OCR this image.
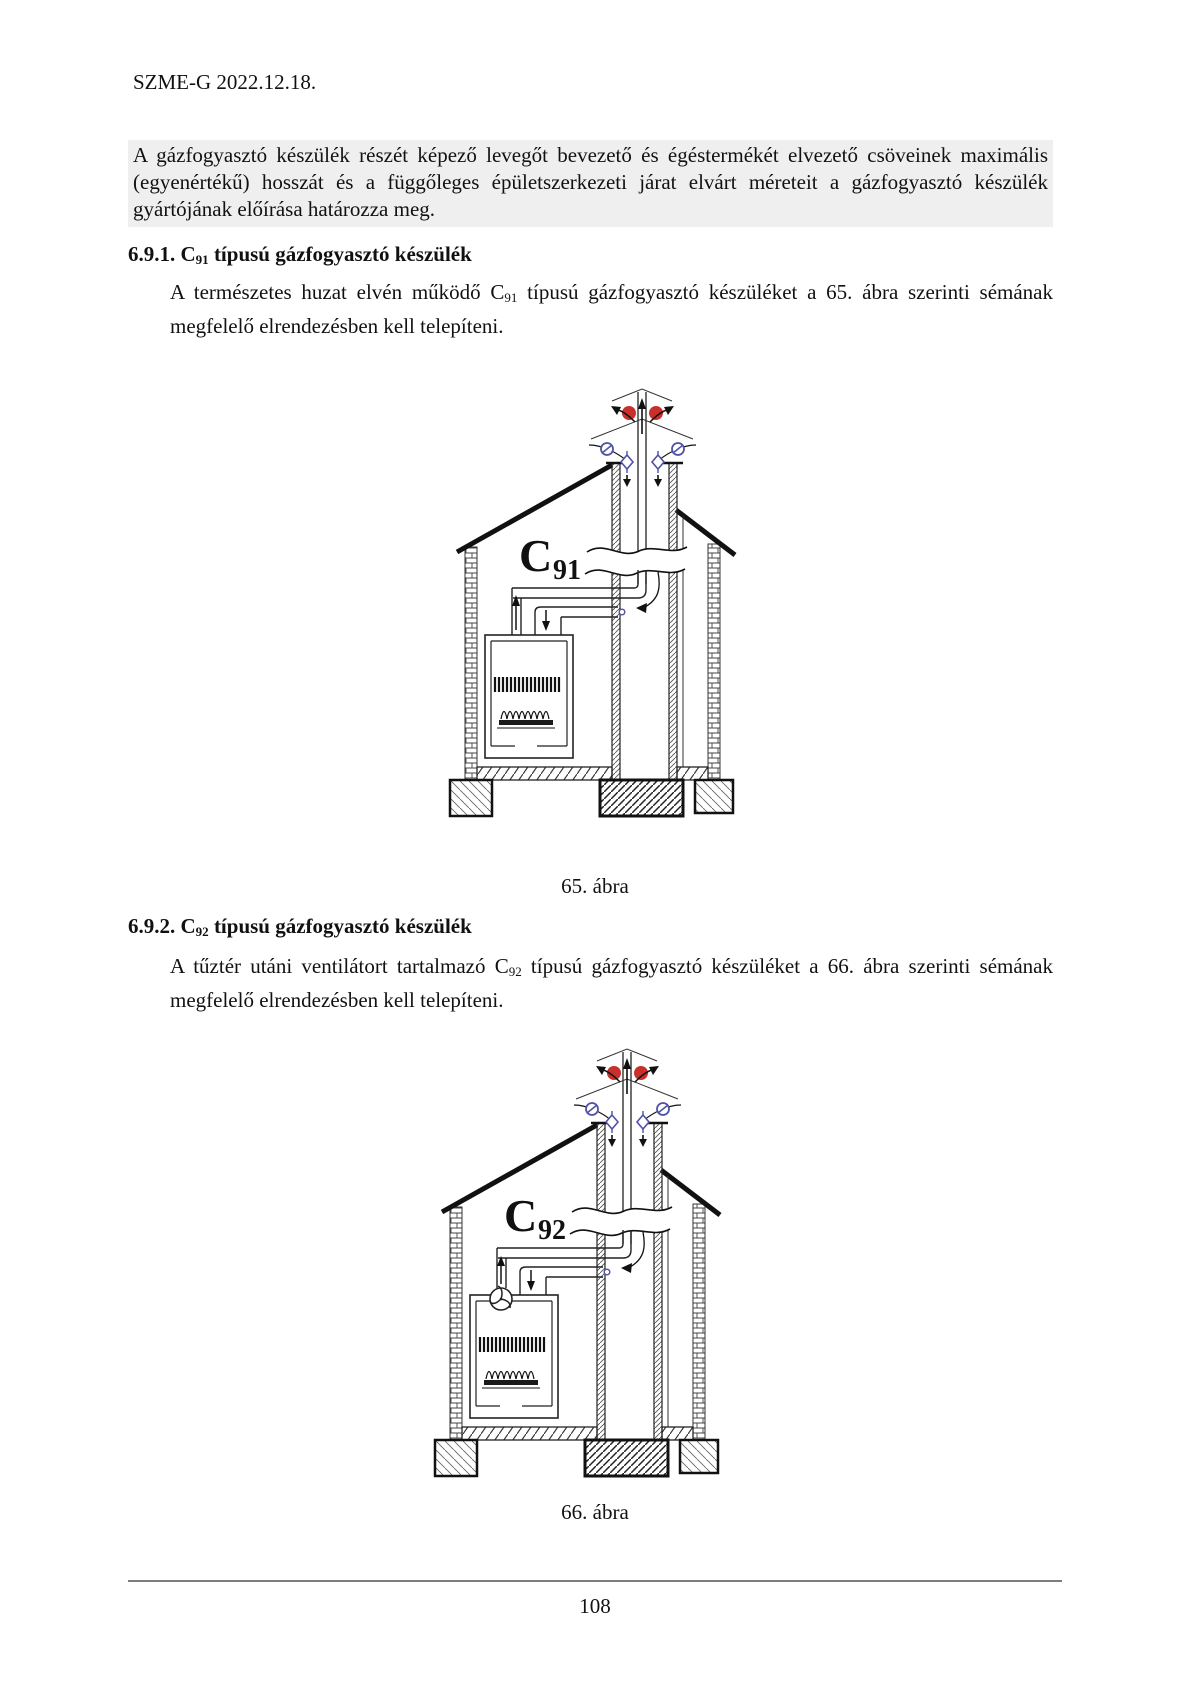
SZME-G 2022.12.18.
A gázfogyasztó készülék részét képező levegőt bevezető és égéstermékét elvezető csöveinek maximális (egyenértékű) hosszát és a függőleges épületszerkezeti járat elvárt méreteit a gázfogyasztó készülék gyártójának előírása határozza meg.
6.9.1. $C_{91}$ típusú gázfogyasztó készülék
A természetes huzat elvén működő $C_{91}$ típusú gázfogyasztó készüléket a 65. ábra szerinti sémának megfelelő elrendezésben kell telepíteni.
C 91
65. ábra
6.9.2. $C_{92}$ típusú gázfogyasztó készülék
A tűztér utáni ventilátort tartalmazó $C_{92}$ típusú gázfogyasztó készüléket a 66. ábra szerinti sémának megfelelő elrendezésben kell telepíteni.
C 92
66. ábra
108
